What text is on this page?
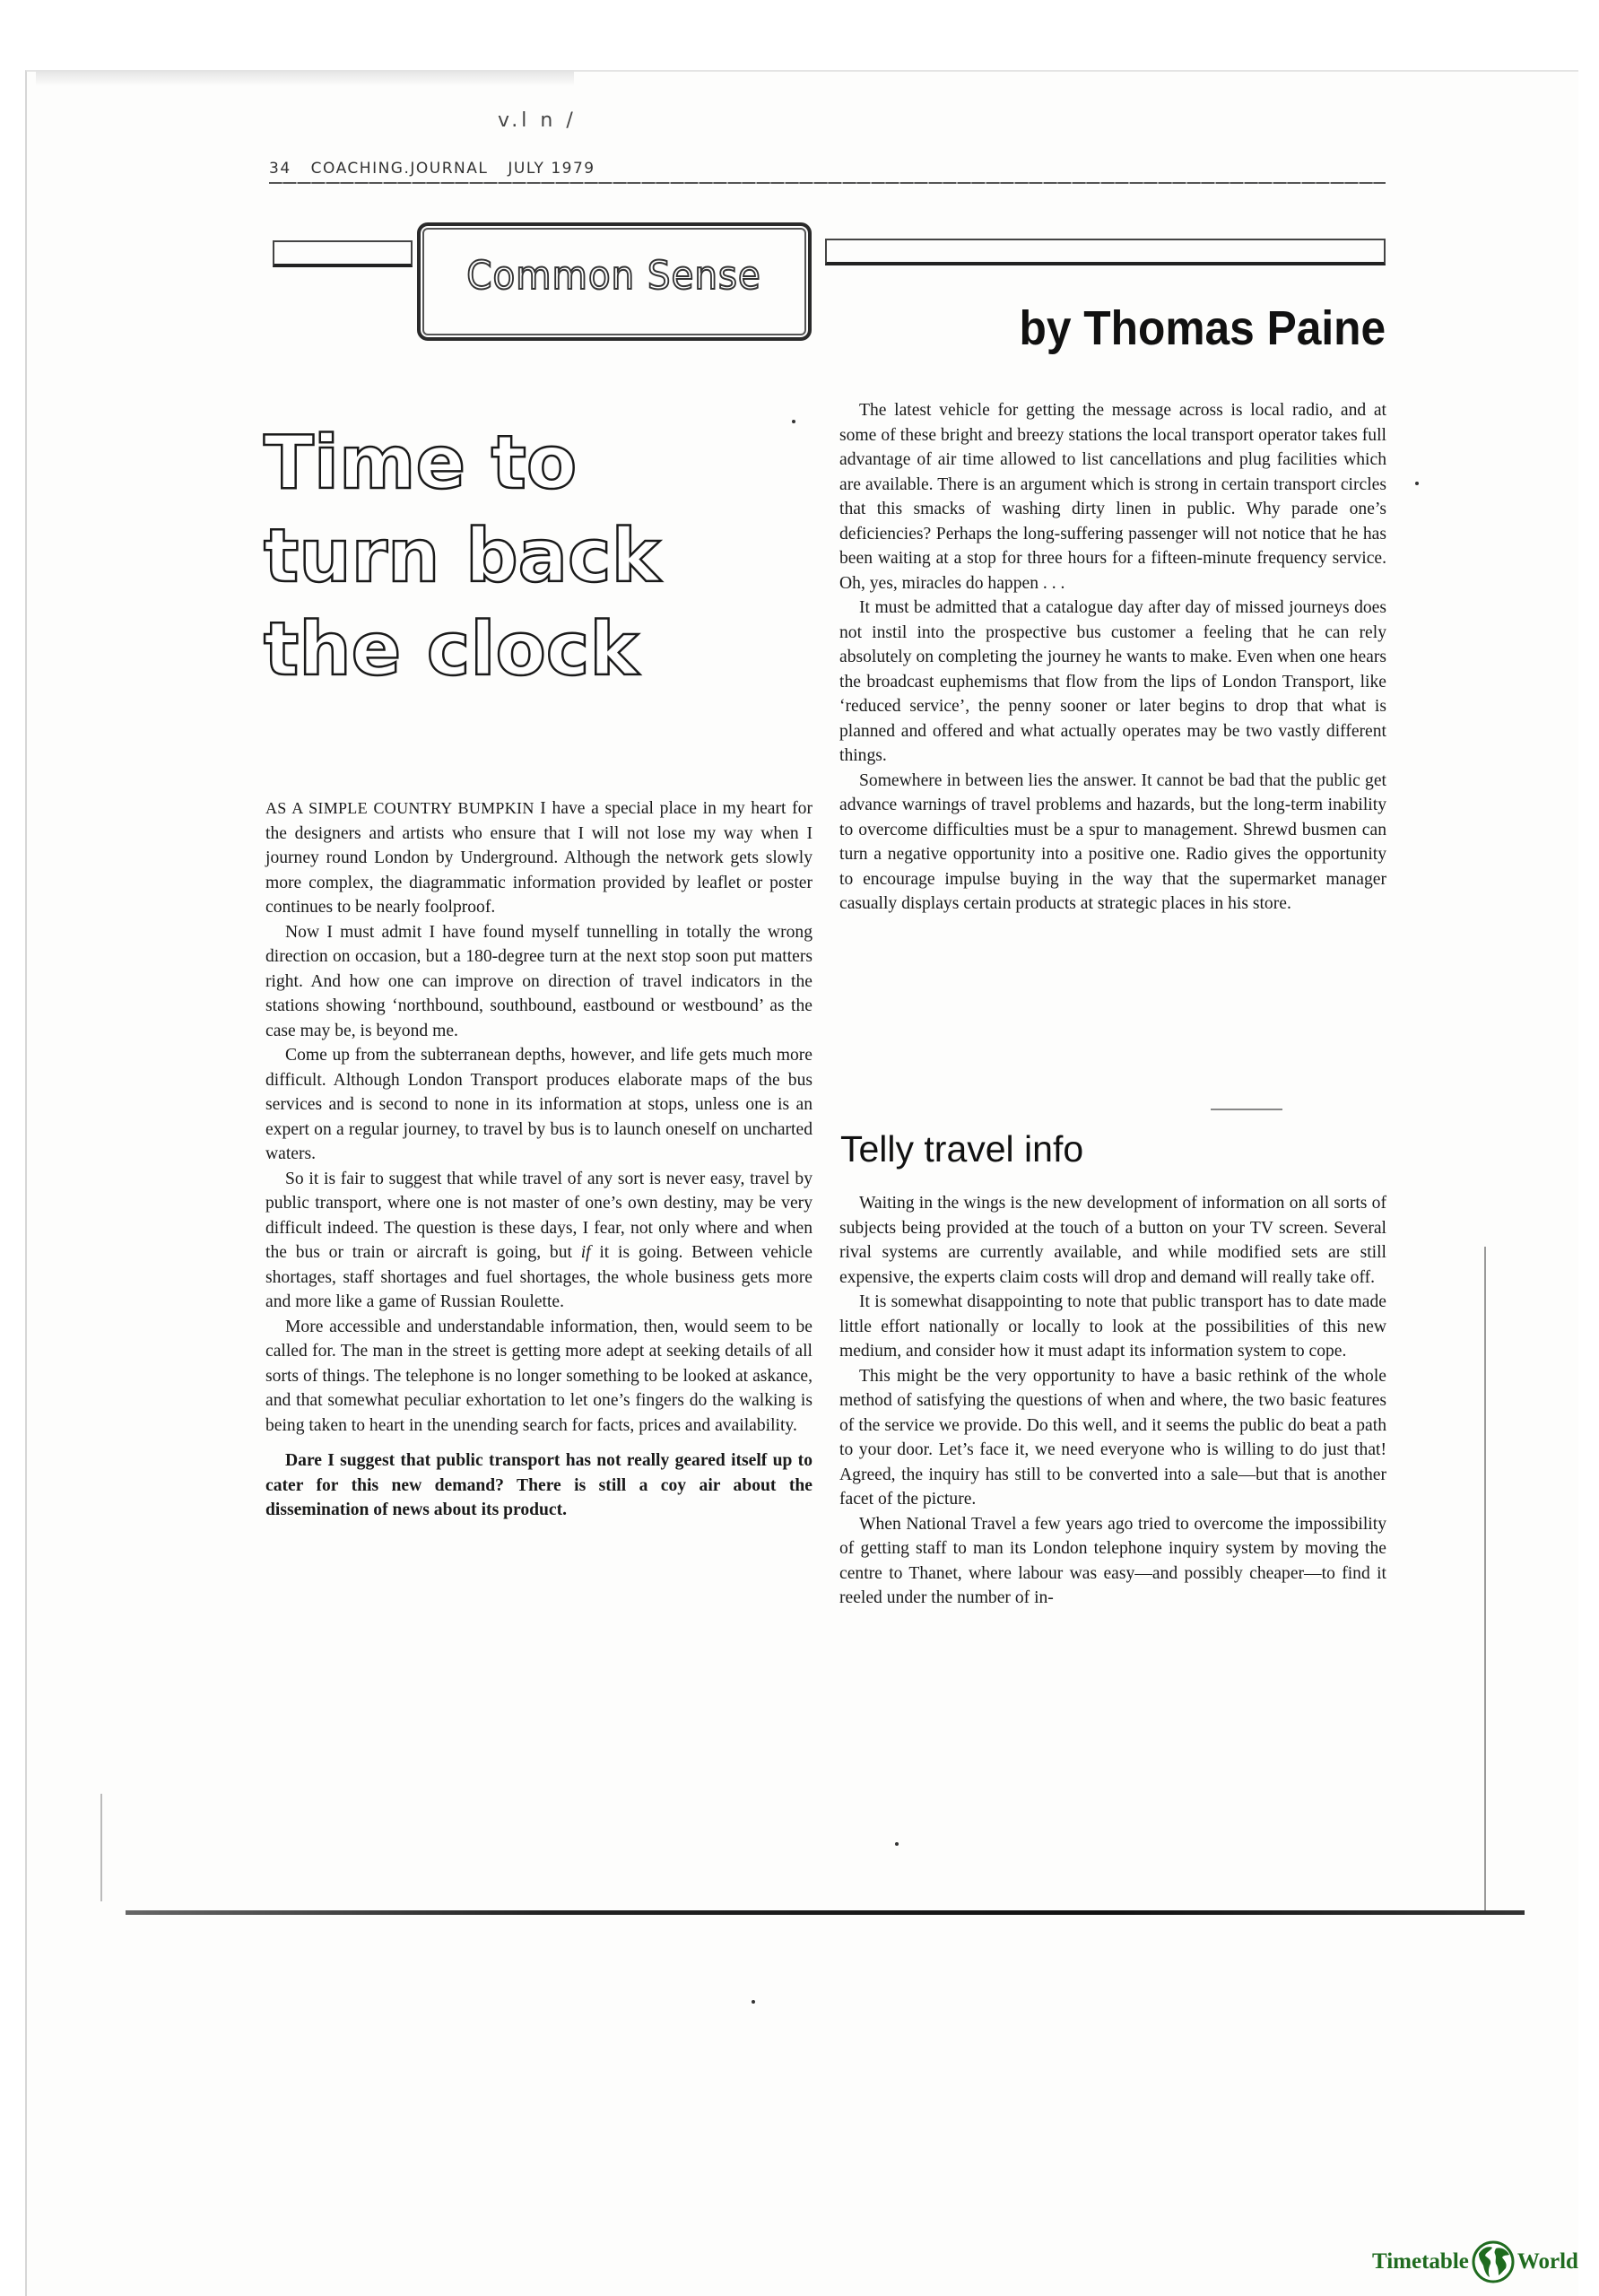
v.l n /
34 COACHING.JOURNAL JULY 1979
Common Sense
by Thomas Paine
Time to
turn back
the clock

AS A SIMPLE COUNTRY BUMPKIN I have a special place in my heart for the designers and artists who ensure that I will not lose my way when I journey round London by Underground. Although the network gets slowly more complex, the diagrammatic information provided by leaflet or poster continues to be nearly foolproof.

Now I must admit I have found myself tunnelling in totally the wrong direction on occasion, but a 180-degree turn at the next stop soon put matters right. And how one can improve on direction of travel indicators in the stations showing ‘northbound, southbound, eastbound or westbound’ as the case may be, is beyond me.

Come up from the subterranean depths, however, and life gets much more difficult. Although London Transport produces elaborate maps of the bus services and is second to none in its information at stops, unless one is an expert on a regular journey, to travel by bus is to launch oneself on uncharted waters.

So it is fair to suggest that while travel of any sort is never easy, travel by public transport, where one is not master of one’s own destiny, may be very difficult indeed. The question is these days, I fear, not only where and when the bus or train or aircraft is going, but if it is going. Between vehicle shortages, staff shortages and fuel shortages, the whole business gets more and more like a game of Russian Roulette.

More accessible and understandable information, then, would seem to be called for. The man in the street is getting more adept at seeking details of all sorts of things. The telephone is no longer something to be looked at askance, and that somewhat peculiar exhortation to let one’s fingers do the walking is being taken to heart in the unending search for facts, prices and availability.

Dare I suggest that public transport has not really geared itself up to cater for this new demand? There is still a coy air about the dissemination of news about its product.

The latest vehicle for getting the message across is local radio, and at some of these bright and breezy stations the local transport operator takes full advantage of air time allowed to list cancellations and plug facilities which are available. There is an argument which is strong in certain transport circles that this smacks of washing dirty linen in public. Why parade one’s deficiencies? Perhaps the long-suffering passenger will not notice that he has been waiting at a stop for three hours for a fifteen-minute frequency service. Oh, yes, miracles do happen . . .

It must be admitted that a catalogue day after day of missed journeys does not instil into the prospective bus customer a feeling that he can rely absolutely on completing the journey he wants to make. Even when one hears the broadcast euphemisms that flow from the lips of London Transport, like ‘reduced service’, the penny sooner or later begins to drop that what is planned and offered and what actually operates may be two vastly different things.

Somewhere in between lies the answer. It cannot be bad that the public get advance warnings of travel problems and hazards, but the long-term inability to overcome difficulties must be a spur to management. Shrewd busmen can turn a negative opportunity into a positive one. Radio gives the opportunity to encourage impulse buying in the way that the supermarket manager casually displays certain products at strategic places in his store.

Telly travel info

Waiting in the wings is the new development of information on all sorts of subjects being provided at the touch of a button on your TV screen. Several rival systems are currently available, and while modified sets are still expensive, the experts claim costs will drop and demand will really take off.

It is somewhat disappointing to note that public transport has to date made little effort nationally or locally to look at the possibilities of this new medium, and consider how it must adapt its information system to cope.

This might be the very opportunity to have a basic rethink of the whole method of satisfying the questions of when and where, the two basic features of the service we provide. Do this well, and it seems the public do beat a path to your door. Let’s face it, we need everyone who is willing to do just that! Agreed, the inquiry has still to be converted into a sale—but that is another facet of the picture.

When National Travel a few years ago tried to overcome the impossibility of getting staff to man its London telephone inquiry system by moving the centre to Thanet, where labour was easy—and possibly cheaper—to find it reeled under the number of in-

Timetable World
